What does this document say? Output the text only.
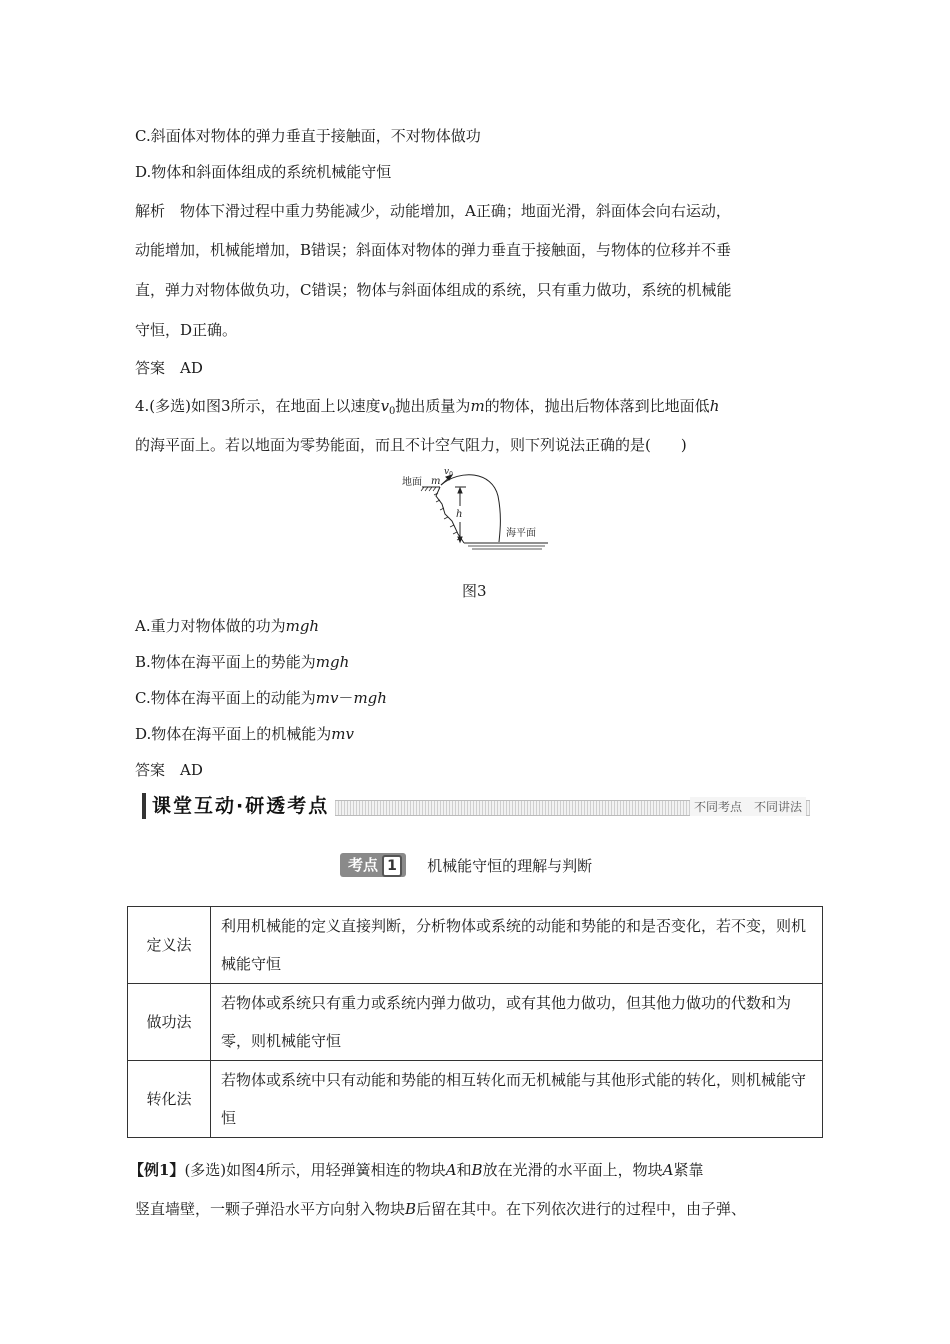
C.斜面体对物体的弹力垂直于接触面，不对物体做功
D.物体和斜面体组成的系统机械能守恒
解析　物体下滑过程中重力势能减少，动能增加，A正确；地面光滑，斜面体会向右运动，
动能增加，机械能增加，B错误；斜面体对物体的弹力垂直于接触面，与物体的位移并不垂
直，弹力对物体做负功，C错误；物体与斜面体组成的系统，只有重力做功，系统的机械能
守恒，D正确。
答案　AD
4.(多选)如图3所示，在地面上以速度$v_0$抛出质量为m的物体，抛出后物体落到比地面低h
的海平面上。若以地面为零势能面，而且不计空气阻力，则下列说法正确的是(　　)
地面 m
$v_0$
h
海平面
图3
A.重力对物体做的功为mgh
B.物体在海平面上的势能为mgh
C.物体在海平面上的动能为mv－mgh
D.物体在海平面上的机械能为mv
答案　AD
课堂互动·研透考点	不同考点　不同讲法
考点 1 机械能守恒的理解与判断
定义法	利用机械能的定义直接判断，分析物体或系统的动能和势能的和是否变化，若不变，则机械能守恒
做功法	若物体或系统只有重力或系统内弹力做功，或有其他力做功，但其他力做功的代数和为零，则机械能守恒
转化法	若物体或系统中只有动能和势能的相互转化而无机械能与其他形式能的转化，则机械能守恒
【例1】(多选)如图4所示，用轻弹簧相连的物块A和B放在光滑的水平面上，物块A紧靠
竖直墙壁，一颗子弹沿水平方向射入物块B后留在其中。在下列依次进行的过程中，由子弹、
